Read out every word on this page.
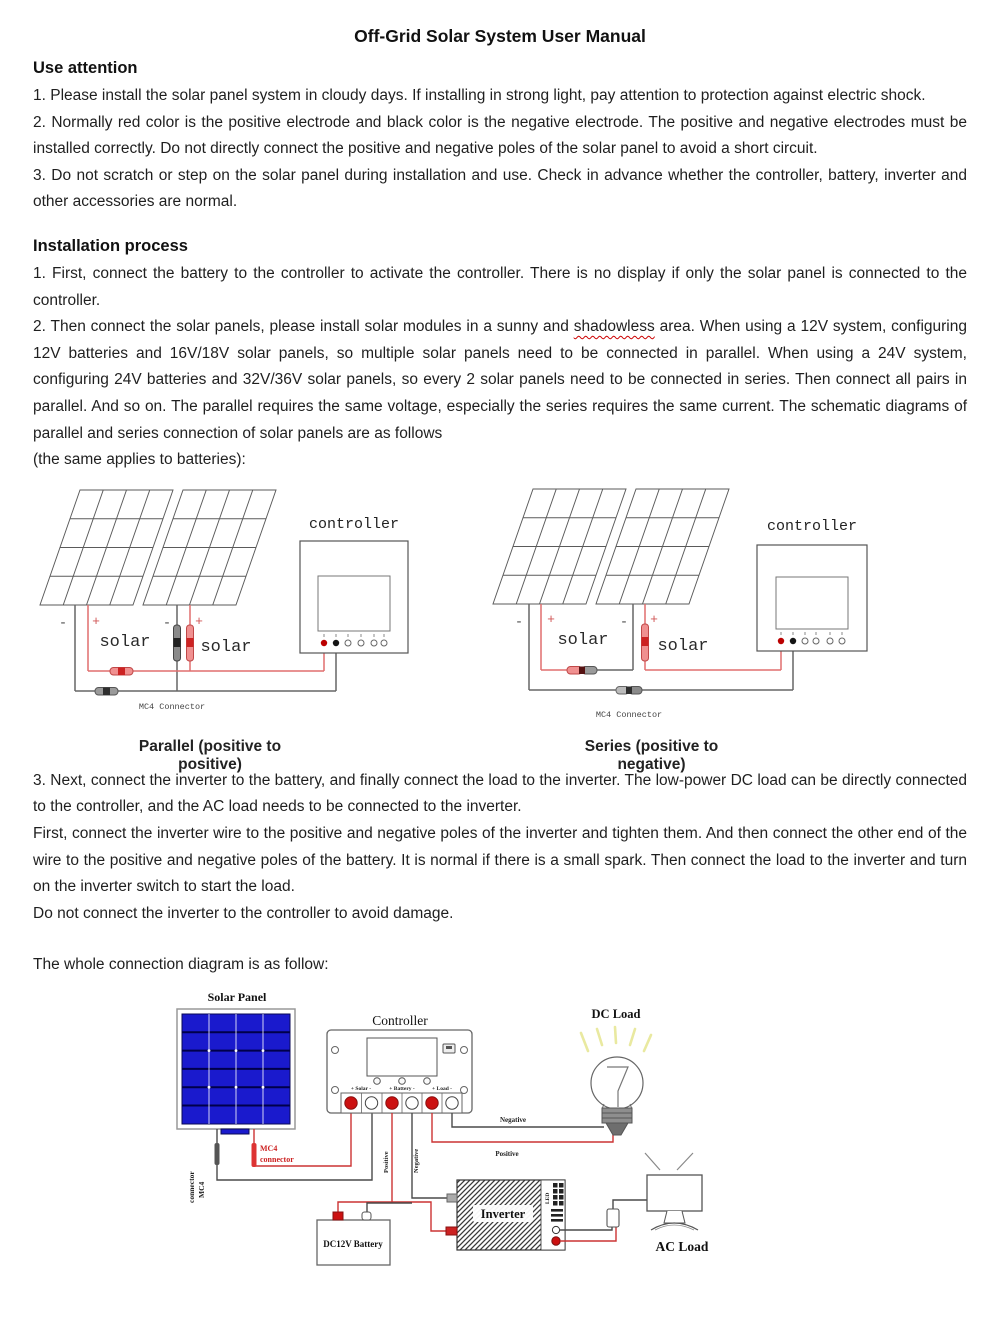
Off-Grid Solar System User Manual
Use attention

1. Please install the solar panel system in cloudy days. If installing in strong light, pay attention to protection against electric shock.

2. Normally red color is the positive electrode and black color is the negative electrode. The positive and negative electrodes must be installed correctly. Do not directly connect the positive and negative poles of the solar panel to avoid a short circuit.

3. Do not scratch or step on the solar panel during installation and use. Check in advance whether the controller, battery, inverter and other accessories are normal.

Installation process

1. First, connect the battery to the controller to activate the controller. There is no display if only the solar panel is connected to the controller.

2. Then connect the solar panels, please install solar modules in a sunny and shadowless area. When using a 12V system, configuring 12V batteries and 16V/18V solar panels, so multiple solar panels need to be connected in parallel. When using a 24V system, configuring 24V batteries and 32V/36V solar panels, so every 2 solar panels need to be connected in series. Then connect all pairs in parallel. And so on. The parallel requires the same voltage, especially the series requires the same current. The schematic diagrams of parallel and series connection of solar panels are as follows

(the same applies to batteries):

controller
- +	- +
solar	solar
MC4 Connector
controller
- +	- +
solar	solar
MC4 Connector
Parallel (positive to positive)
Series (positive to negative)

3. Next, connect the inverter to the battery, and finally connect the load to the inverter. The low-power DC load can be directly connected to the controller, and the AC load needs to be connected to the inverter.

First, connect the inverter wire to the positive and negative poles of the inverter and tighten them. And then connect the other end of the wire to the positive and negative poles of the battery. It is normal if there is a small spark. Then connect the load to the inverter and turn on the inverter switch to start the load.

Do not connect the inverter to the controller to avoid damage.

The whole connection diagram is as follow:

Solar Panel
MC4
connector
MC4
connector
Controller
+ Solar -	+ Battery -	+ Load -
Positive	Negative
Negative
Positive
DC Load
DC12V Battery
Inverter
LED
AC Load
